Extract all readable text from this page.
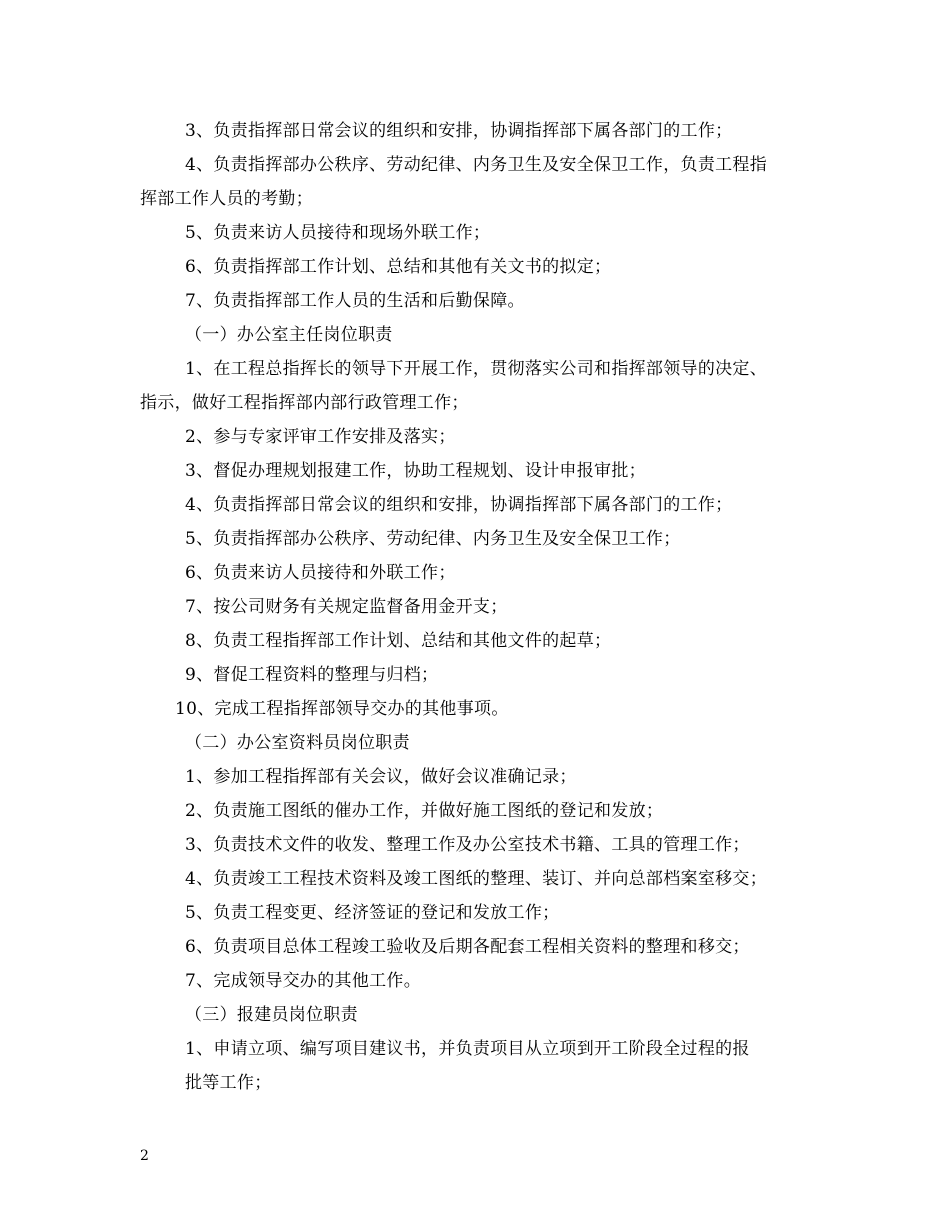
3、负责指挥部日常会议的组织和安排，协调指挥部下属各部门的工作；
4、负责指挥部办公秩序、劳动纪律、内务卫生及安全保卫工作，负责工程指
挥部工作人员的考勤；
5、负责来访人员接待和现场外联工作；
6、负责指挥部工作计划、总结和其他有关文书的拟定；
7、负责指挥部工作人员的生活和后勤保障。
（一）办公室主任岗位职责
1、在工程总指挥长的领导下开展工作，贯彻落实公司和指挥部领导的决定、
指示，做好工程指挥部内部行政管理工作；
2、参与专家评审工作安排及落实；
3、督促办理规划报建工作，协助工程规划、设计申报审批；
4、负责指挥部日常会议的组织和安排，协调指挥部下属各部门的工作；
5、负责指挥部办公秩序、劳动纪律、内务卫生及安全保卫工作；
6、负责来访人员接待和外联工作；
7、按公司财务有关规定监督备用金开支；
8、负责工程指挥部工作计划、总结和其他文件的起草；
9、督促工程资料的整理与归档；
10、完成工程指挥部领导交办的其他事项。
（二）办公室资料员岗位职责
1、参加工程指挥部有关会议，做好会议准确记录；
2、负责施工图纸的催办工作，并做好施工图纸的登记和发放；
3、负责技术文件的收发、整理工作及办公室技术书籍、工具的管理工作；
4、负责竣工工程技术资料及竣工图纸的整理、装订、并向总部档案室移交；
5、负责工程变更、经济签证的登记和发放工作；
6、负责项目总体工程竣工验收及后期各配套工程相关资料的整理和移交；
7、完成领导交办的其他工作。
（三）报建员岗位职责
1、申请立项、编写项目建议书，并负责项目从立项到开工阶段全过程的报
批等工作；
2
